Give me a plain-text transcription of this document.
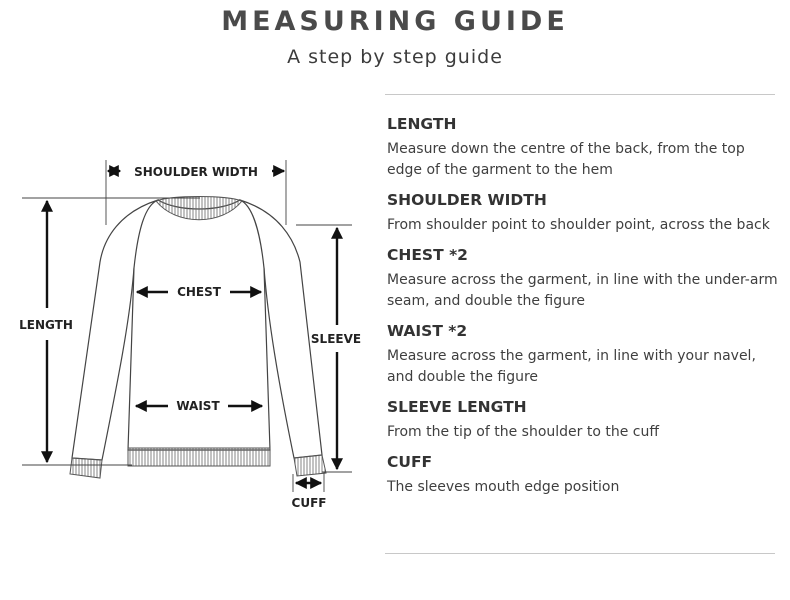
MEASURING GUIDE
A step by step guide
SHOULDER WIDTH
LENGTH
CHEST
WAIST
SLEEVE
CUFF
LENGTH
Measure down the centre of the back, from the top edge of the garment to the hem
SHOULDER WIDTH
From shoulder point to shoulder point, across the back
CHEST *2
Measure across the garment, in line with the under-arm seam, and double the figure
WAIST *2
Measure across the garment, in line with your navel, and double the figure
SLEEVE LENGTH
From the tip of the shoulder to the cuff
CUFF
The sleeves mouth edge position
